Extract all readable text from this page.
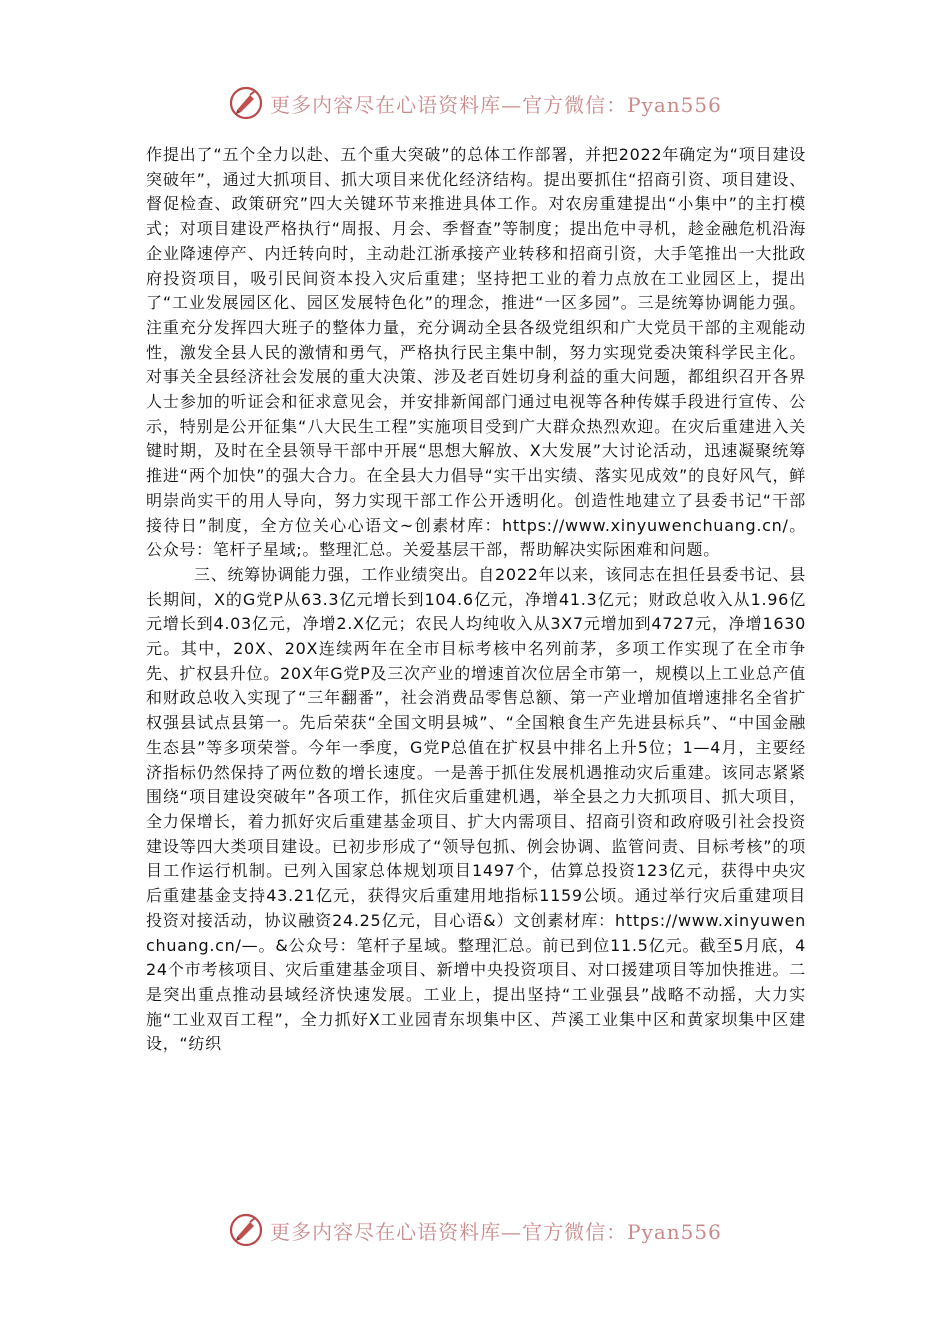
更多内容尽在心语资料库—官方微信：Pyan556

作提出了“五个全力以赴、五个重大突破”的总体工作部署，并把2022年确定为“项目建设突破年”，通过大抓项目、抓大项目来优化经济结构。提出要抓住“招商引资、项目建设、督促检查、政策研究”四大关键环节来推进具体工作。对农房重建提出“小集中”的主打模式；对项目建设严格执行“周报、月会、季督查”等制度；提出危中寻机，趁金融危机沿海企业降速停产、内迁转向时，主动赴江浙承接产业转移和招商引资，大手笔推出一大批政府投资项目，吸引民间资本投入灾后重建；坚持把工业的着力点放在工业园区上，提出了“工业发展园区化、园区发展特色化”的理念，推进“一区多园”。三是统筹协调能力强。注重充分发挥四大班子的整体力量，充分调动全县各级党组织和广大党员干部的主观能动性，激发全县人民的激情和勇气，严格执行民主集中制，努力实现党委决策科学民主化。对事关全县经济社会发展的重大决策、涉及老百姓切身利益的重大问题，都组织召开各界人士参加的听证会和征求意见会，并安排新闻部门通过电视等各种传媒手段进行宣传、公示，特别是公开征集“八大民生工程”实施项目受到广大群众热烈欢迎。在灾后重建进入关键时期，及时在全县领导干部中开展“思想大解放、X大发展”大讨论活动，迅速凝聚统筹推进“两个加快”的强大合力。在全县大力倡导“实干出实绩、落实见成效”的良好风气，鲜明崇尚实干的用人导向，努力实现干部工作公开透明化。创造性地建立了县委书记“干部接待日”制度，全方位关心心语文~创素材库：https://www.xinyuwenchuang.cn/。公众号：笔杆子星域;。整理汇总。关爱基层干部，帮助解决实际困难和问题。

三、统筹协调能力强，工作业绩突出。自2022年以来，该同志在担任县委书记、县长期间，X的G党P从63.3亿元增长到104.6亿元，净增41.3亿元；财政总收入从1.96亿元增长到4.03亿元，净增2.X亿元；农民人均纯收入从3X7元增加到4727元，净增1630元。其中，20X、20X连续两年在全市目标考核中名列前茅，多项工作实现了在全市争先、扩权县升位。20X年G党P及三次产业的增速首次位居全市第一，规模以上工业总产值和财政总收入实现了“三年翻番”，社会消费品零售总额、第一产业增加值增速排名全省扩权强县试点县第一。先后荣获“全国文明县城”、“全国粮食生产先进县标兵”、“中国金融生态县”等多项荣誉。今年一季度，G党P总值在扩权县中排名上升5位；1—4月，主要经济指标仍然保持了两位数的增长速度。一是善于抓住发展机遇推动灾后重建。该同志紧紧围绕“项目建设突破年”各项工作，抓住灾后重建机遇，举全县之力大抓项目、抓大项目，全力保增长，着力抓好灾后重建基金项目、扩大内需项目、招商引资和政府吸引社会投资建设等四大类项目建设。已初步形成了“领导包抓、例会协调、监管问责、目标考核”的项目工作运行机制。已列入国家总体规划项目1497个，估算总投资123亿元，获得中央灾后重建基金支持43.21亿元，获得灾后重建用地指标1159公顷。通过举行灾后重建项目投资对接活动，协议融资24.25亿元，目心语&）文创素材库：https://www.xinyuwenchuang.cn/—。&公众号：笔杆子星域。整理汇总。前已到位11.5亿元。截至5月底，424个市考核项目、灾后重建基金项目、新增中央投资项目、对口援建项目等加快推进。二是突出重点推动县域经济快速发展。工业上，提出坚持“工业强县”战略不动摇，大力实施“工业双百工程”，全力抓好X工业园青东坝集中区、芦溪工业集中区和黄家坝集中区建设，“纺织

更多内容尽在心语资料库—官方微信：Pyan556
